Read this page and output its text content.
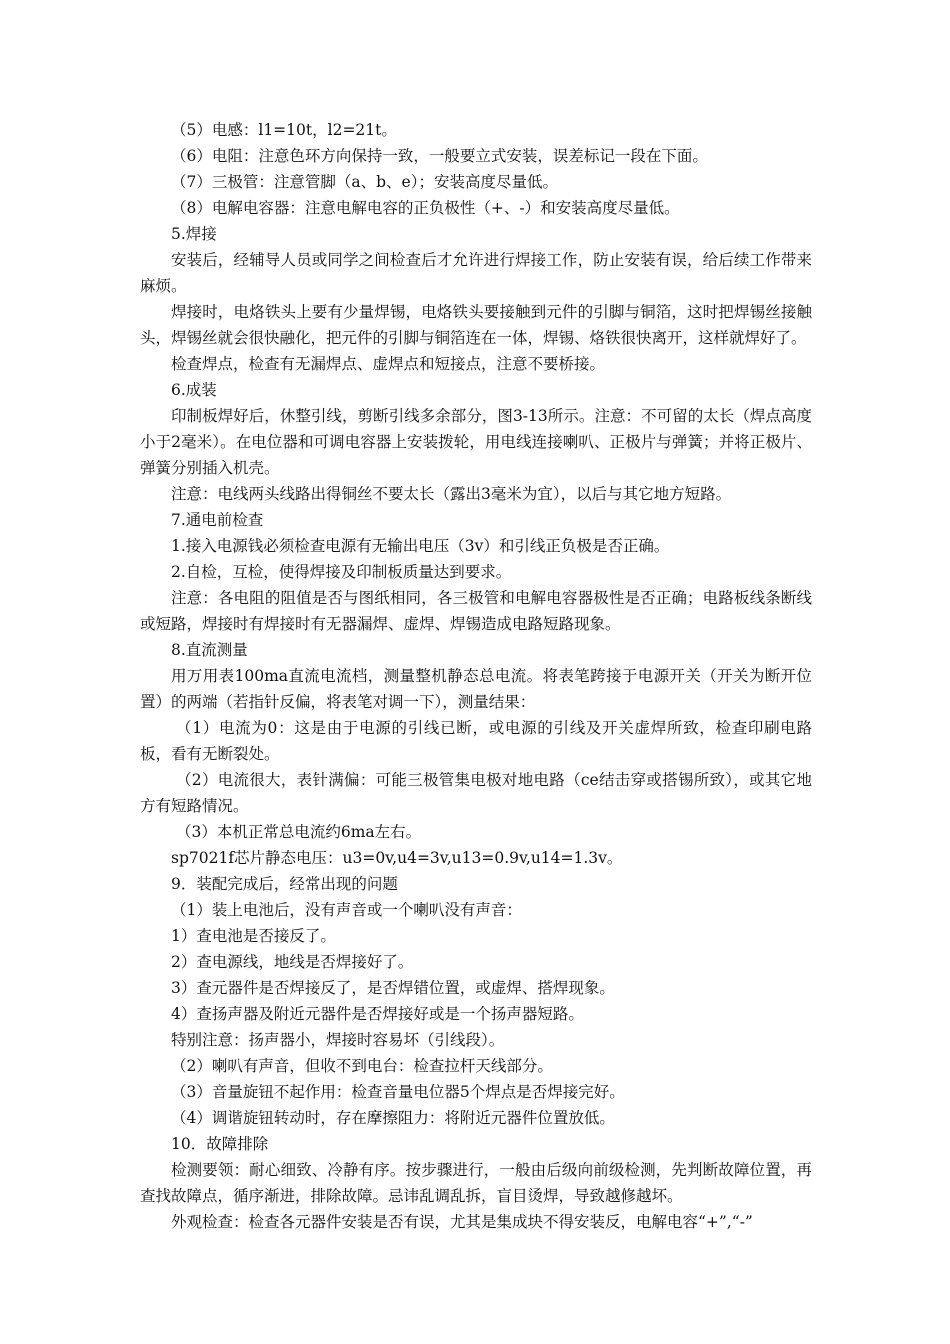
（5）电感：l1=10t，l2=21t。
（6）电阻：注意色环方向保持一致，一般要立式安装，误差标记一段在下面。
（7）三极管：注意管脚（a、b、e）；安装高度尽量低。
（8）电解电容器：注意电解电容的正负极性（+、-）和安装高度尽量低。
5.焊接
安装后，经辅导人员或同学之间检查后才允许进行焊接工作，防止安装有误，给后续工作带来麻烦。
焊接时，电烙铁头上要有少量焊锡，电烙铁头要接触到元件的引脚与铜箔，这时把焊锡丝接触头，焊锡丝就会很快融化，把元件的引脚与铜箔连在一体，焊锡、烙铁很快离开，这样就焊好了。
检查焊点，检查有无漏焊点、虚焊点和短接点，注意不要桥接。
6.成装
印制板焊好后，休整引线，剪断引线多余部分，图3-13所示。注意：不可留的太长（焊点高度小于2毫米）。在电位器和可调电容器上安装拨轮，用电线连接喇叭、正极片与弹簧；并将正极片、弹簧分别插入机壳。
注意：电线两头线路出得铜丝不要太长（露出3毫米为宜），以后与其它地方短路。
7.通电前检查
1.接入电源钱必须检查电源有无输出电压（3v）和引线正负极是否正确。
2.自检，互检，使得焊接及印制板质量达到要求。
注意：各电阻的阻值是否与图纸相同，各三极管和电解电容器极性是否正确；电路板线条断线或短路，焊接时有焊接时有无器漏焊、虚焊、焊锡造成电路短路现象。
8.直流测量
用万用表100ma直流电流档，测量整机静态总电流。将表笔跨接于电源开关（开关为断开位置）的两端（若指针反偏，将表笔对调一下），测量结果：
（1）电流为0：这是由于电源的引线已断，或电源的引线及开关虚焊所致，检查印刷电路板，看有无断裂处。
（2）电流很大，表针满偏：可能三极管集电极对地电路（ce结击穿或搭锡所致），或其它地方有短路情况。
（3）本机正常总电流约6ma左右。
sp7021f芯片静态电压：u3=0v,u4=3v,u13=0.9v,u14=1.3v。
9．装配完成后，经常出现的问题
（1）装上电池后，没有声音或一个喇叭没有声音：
1）查电池是否接反了。
2）查电源线，地线是否焊接好了。
3）查元器件是否焊接反了，是否焊错位置，或虚焊、搭焊现象。
4）查扬声器及附近元器件是否焊接好或是一个扬声器短路。
特别注意：扬声器小，焊接时容易坏（引线段）。
（2）喇叭有声音，但收不到电台：检查拉杆天线部分。
（3）音量旋钮不起作用：检查音量电位器5个焊点是否焊接完好。
（4）调谐旋钮转动时，存在摩擦阻力：将附近元器件位置放低。
10．故障排除
检测要领：耐心细致、冷静有序。按步骤进行，一般由后级向前级检测，先判断故障位置，再查找故障点，循序渐进，排除故障。忌讳乱调乱拆，盲目烫焊，导致越修越坏。
外观检查：检查各元器件安装是否有误，尤其是集成块不得安装反，电解电容“+”,“-”
